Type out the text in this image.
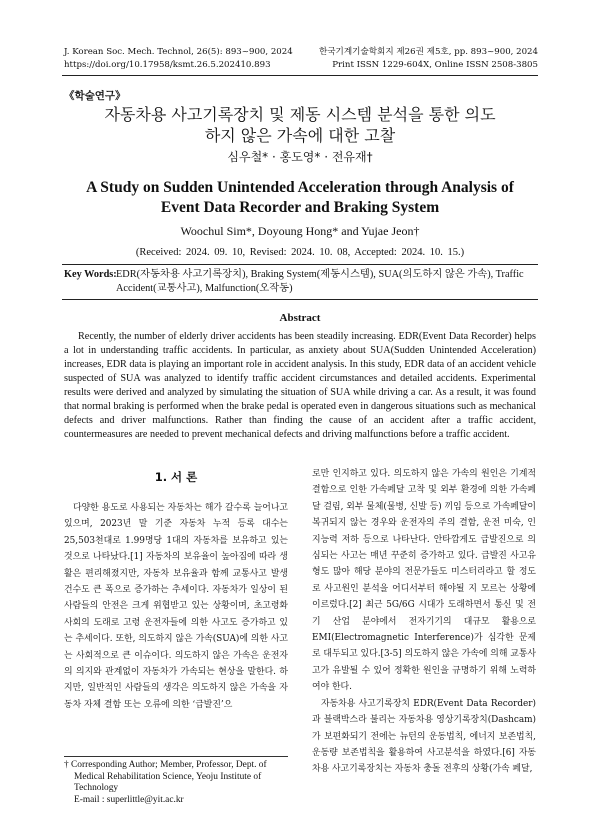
J. Korean Soc. Mech. Technol, 26(5): 893~900, 2024
https://doi.org/10.17958/ksmt.26.5.202410.893
한국기계기술학회지 제26권 제5호, pp. 893~900, 2024
Print ISSN 1229-604X, Online ISSN 2508-3805
《학술연구》
자동차용 사고기록장치 및 제동 시스템 분석을 통한 의도하지 않은 가속에 대한 고찰
심우철* · 홍도영* · 전유재†
A Study on Sudden Unintended Acceleration through Analysis of Event Data Recorder and Braking System
Woochul Sim*, Doyoung Hong* and Yujae Jeon†
(Received: 2024. 09. 10, Revised: 2024. 10. 08, Accepted: 2024. 10. 15.)
Key Words: EDR(자동차용 사고기록장치), Braking System(제동시스템), SUA(의도하지 않은 가속), Traffic Accident(교통사고), Malfunction(오작동)
Abstract
Recently, the number of elderly driver accidents has been steadily increasing. EDR(Event Data Recorder) helps a lot in understanding traffic accidents. In particular, as anxiety about SUA(Sudden Unintended Acceleration) increases, EDR data is playing an important role in accident analysis. In this study, EDR data of an accident vehicle suspected of SUA was analyzed to identify traffic accident circumstances and detailed accidents. Experimental results were derived and analyzed by simulating the situation of SUA while driving a car. As a result, it was found that normal braking is performed when the brake pedal is operated even in dangerous situations such as mechanical defects and driver malfunctions. Rather than finding the cause of an accident after a traffic accident, countermeasures are needed to prevent mechanical defects and driving malfunctions before a traffic accident.
1. 서 론

다양한 용도로 사용되는 자동차는 해가 갈수록 늘어나고 있으며, 2023년 말 기준 자동차 누적 등록 대수는 25,503천대로 1.99명당 1대의 자동차를 보유하고 있는 것으로 나타났다.[1] 자동차의 보유율이 높아짐에 따라 생활은 편리해졌지만, 자동차 보유율과 함께 교통사고 발생 건수도 큰 폭으로 증가하는 추세이다. 자동차가 일상이 된 사람들의 안전은 크게 위협받고 있는 상황이며, 초고령화 사회의 도래로 고령 운전자들에 의한 사고도 증가하고 있는 추세이다. 또한, 의도하지 않은 가속(SUA)에 의한 사고는 사회적으로 큰 이슈이다. 의도하지 않은 가속은 운전자의 의지와 관계없이 자동차가 가속되는 현상을 말한다. 하지만, 일반적인 사람들의 생각은 의도하지 않은 가속을 자동차 자체 결함 또는 오류에 의한 ‘급발진’으

로만 인지하고 있다. 의도하지 않은 가속의 원인은 기계적 결함으로 인한 가속페달 고착 및 외부 환경에 의한 가속페달 걸림, 외부 물체(물병, 신발 등) 끼임 등으로 가속페달이 복귀되지 않는 경우와 운전자의 주의 결함, 운전 미숙, 인지능력 저하 등으로 나타난다. 안타깝게도 급발진으로 의심되는 사고는 매년 꾸준히 증가하고 있다. 급발진 사고유형도 많아 해당 분야의 전문가들도 미스터리라고 할 정도로 사고원인 분석을 어디서부터 해야될 지 모르는 상황에 이르렀다.[2] 최근 5G/6G 시대가 도래하면서 통신 및 전기 산업 분야에서 전자기기의 대규모 활용으로 EMI(Electromagnetic Interference)가 심각한 문제로 대두되고 있다.[3-5] 의도하지 않은 가속에 의해 교통사고가 유발될 수 있어 정확한 원인을 규명하기 위해 노력하여야 한다.

자동차용 사고기록장치 EDR(Event Data Recorder)과 블랙박스라 불리는 자동차용 영상기록장치(Dashcam)가 보편화되기 전에는 뉴턴의 운동법칙, 에너지 보존법칙, 운동량 보존법칙을 활용하여 사고분석을 하였다.[6] 자동차용 사고기록장치는 자동차 충돌 전후의 상황(가속 페달,

† Corresponding Author; Member, Professor, Dept. of Medical Rehabilitation Science, Yeoju Institute of Technology
E-mail : superlittle@yit.ac.kr
